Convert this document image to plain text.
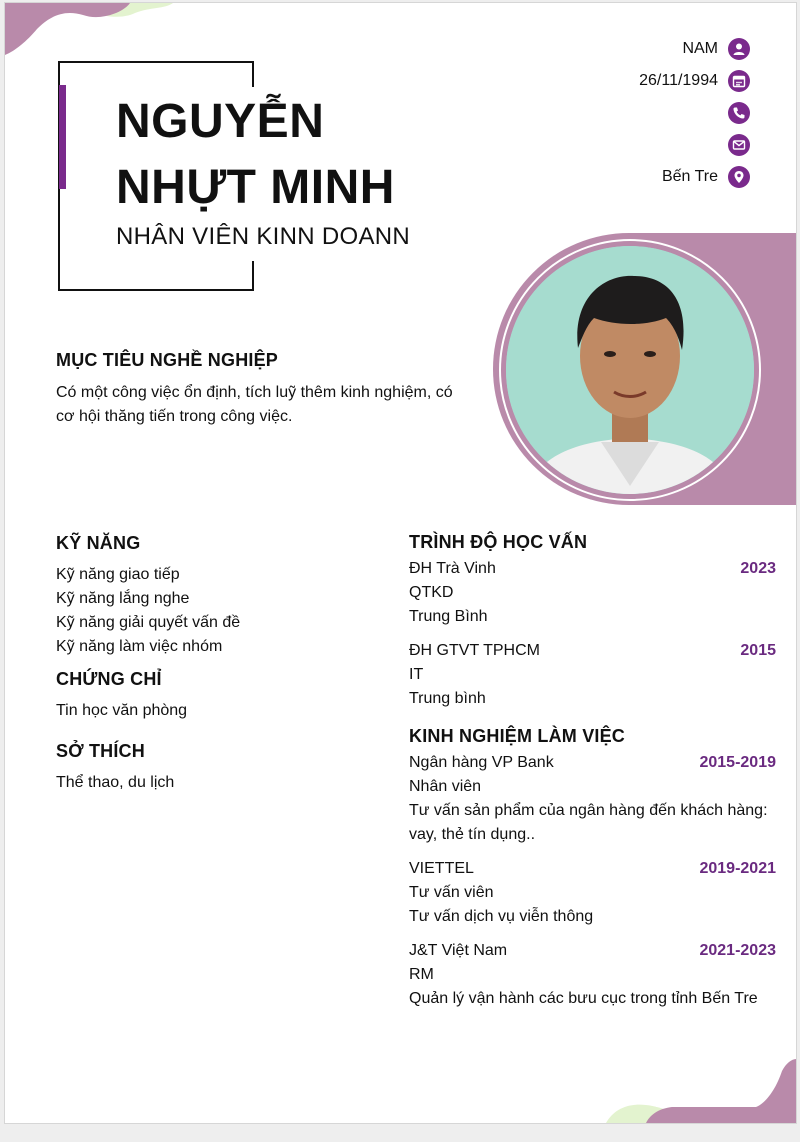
NGUYỄN
NHỰT MINH
NHÂN VIÊN KINN DOANN
NAM
26/11/1994
Bến Tre
MỤC TIÊU NGHỀ NGHIỆP
Có một công việc ổn định, tích luỹ thêm kinh nghiệm, có
cơ hội thăng tiến trong công việc.
KỸ NĂNG
Kỹ năng giao tiếp
Kỹ năng lắng nghe
Kỹ năng giải quyết vấn đề
Kỹ năng làm việc nhóm
CHỨNG CHỈ
Tin học văn phòng
SỞ THÍCH
Thể thao, du lịch
TRÌNH ĐỘ HỌC VẤN
ĐH Trà Vinh
QTKD
Trung Bình
2023
ĐH GTVT TPHCM
IT
Trung bình
2015
KINH NGHIỆM LÀM VIỆC
Ngân hàng VP Bank
Nhân viên
Tư vấn sản phẩm của ngân hàng đến khách hàng:
vay, thẻ tín dụng..
2015-2019
VIETTEL
Tư vấn viên
Tư vấn dịch vụ viễn thông
2019-2021
J&T Việt Nam
RM
Quản lý vận hành các bưu cục trong tỉnh Bến Tre
2021-2023
